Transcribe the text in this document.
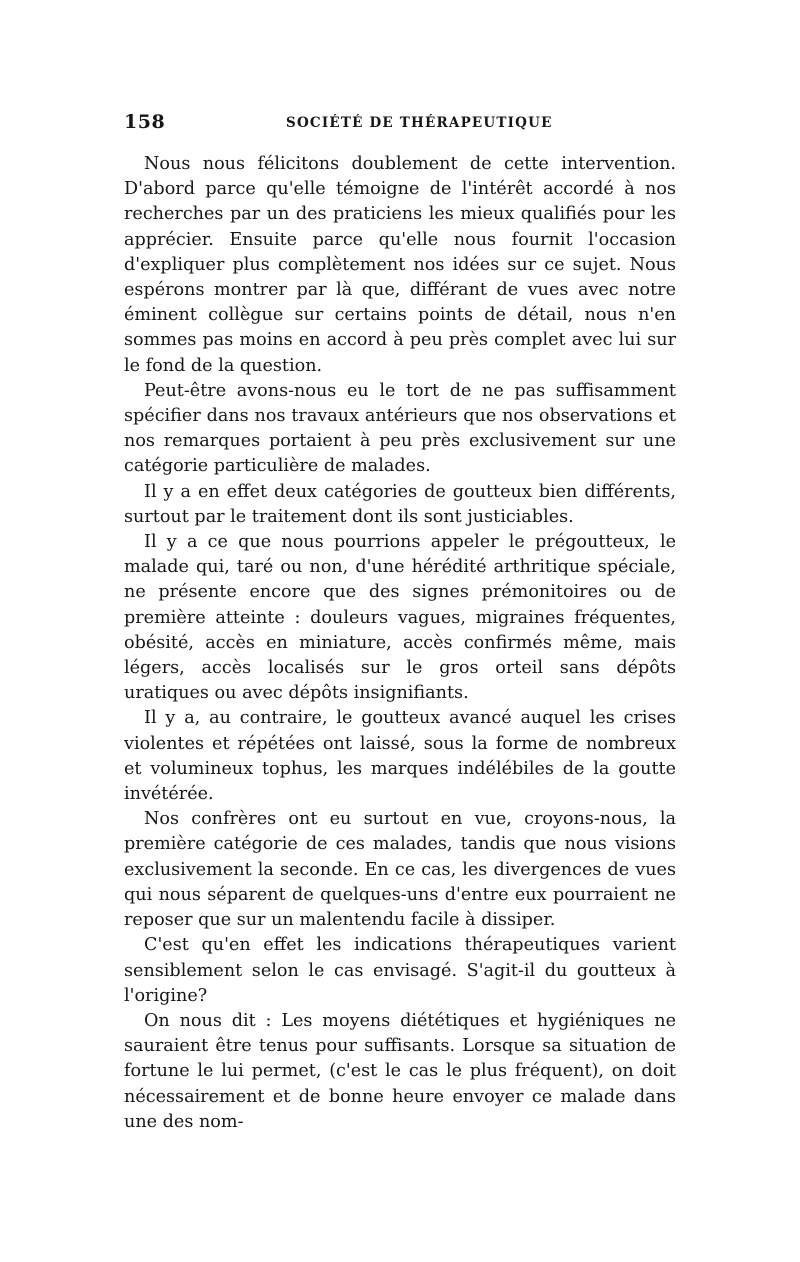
158	SOCIÉTÉ DE THÉRAPEUTIQUE

Nous nous félicitons doublement de cette intervention. D'abord parce qu'elle témoigne de l'intérêt accordé à nos recherches par un des praticiens les mieux qualifiés pour les apprécier. Ensuite parce qu'elle nous fournit l'occasion d'expliquer plus complètement nos idées sur ce sujet. Nous espérons montrer par là que, différant de vues avec notre éminent collègue sur certains points de détail, nous n'en sommes pas moins en accord à peu près complet avec lui sur le fond de la question.

Peut-être avons-nous eu le tort de ne pas suffisamment spécifier dans nos travaux antérieurs que nos observations et nos remarques portaient à peu près exclusivement sur une catégorie particulière de malades.

Il y a en effet deux catégories de goutteux bien différents, surtout par le traitement dont ils sont justiciables.

Il y a ce que nous pourrions appeler le prégoutteux, le malade qui, taré ou non, d'une hérédité arthritique spéciale, ne présente encore que des signes prémonitoires ou de première atteinte : douleurs vagues, migraines fréquentes, obésité, accès en miniature, accès confirmés même, mais légers, accès localisés sur le gros orteil sans dépôts uratiques ou avec dépôts insignifiants.

Il y a, au contraire, le goutteux avancé auquel les crises violentes et répétées ont laissé, sous la forme de nombreux et volumineux tophus, les marques indélébiles de la goutte invétérée.

Nos confrères ont eu surtout en vue, croyons-nous, la première catégorie de ces malades, tandis que nous visions exclusivement la seconde. En ce cas, les divergences de vues qui nous séparent de quelques-uns d'entre eux pourraient ne reposer que sur un malentendu facile à dissiper.

C'est qu'en effet les indications thérapeutiques varient sensiblement selon le cas envisagé. S'agit-il du goutteux à l'origine?

On nous dit : Les moyens diététiques et hygiéniques ne sauraient être tenus pour suffisants. Lorsque sa situation de fortune le lui permet, (c'est le cas le plus fréquent), on doit nécessairement et de bonne heure envoyer ce malade dans une des nom-
